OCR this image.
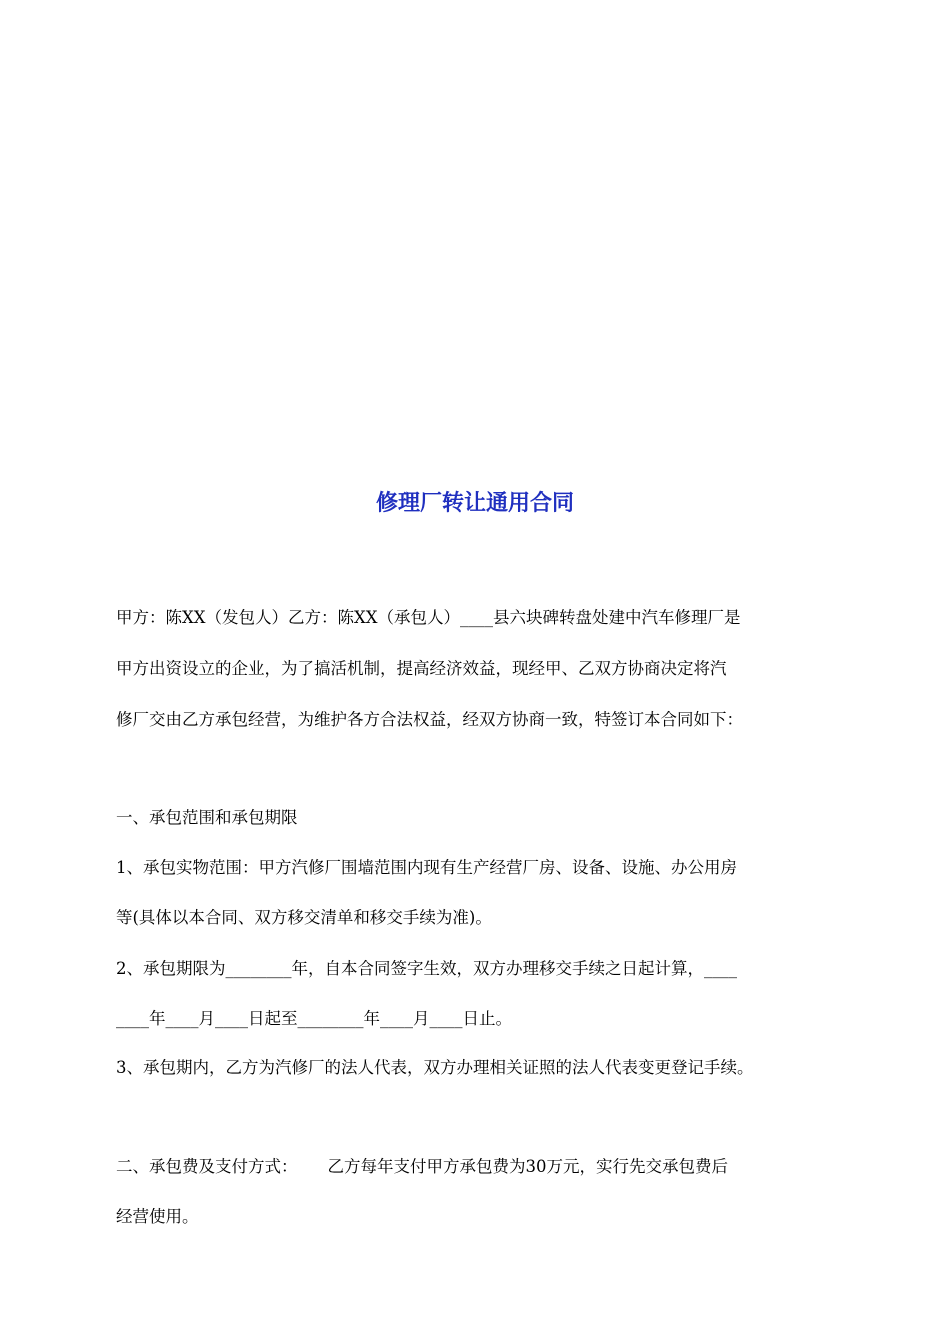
修理厂转让通用合同
甲方：陈XX（发包人）乙方：陈XX（承包人）____县六块碑转盘处建中汽车修理厂是
甲方出资设立的企业，为了搞活机制，提高经济效益，现经甲、乙双方协商决定将汽
修厂交由乙方承包经营，为维护各方合法权益，经双方协商一致，特签订本合同如下：
一、承包范围和承包期限
1、承包实物范围：甲方汽修厂围墙范围内现有生产经营厂房、设备、设施、办公用房
等(具体以本合同、双方移交清单和移交手续为准)。
2、承包期限为________年，自本合同签字生效，双方办理移交手续之日起计算，____
____年____月____日起至________年____月____日止。
3、承包期内，乙方为汽修厂的法人代表，双方办理相关证照的法人代表变更登记手续。
二、承包费及支付方式： 乙方每年支付甲方承包费为30万元，实行先交承包费后
经营使用。
